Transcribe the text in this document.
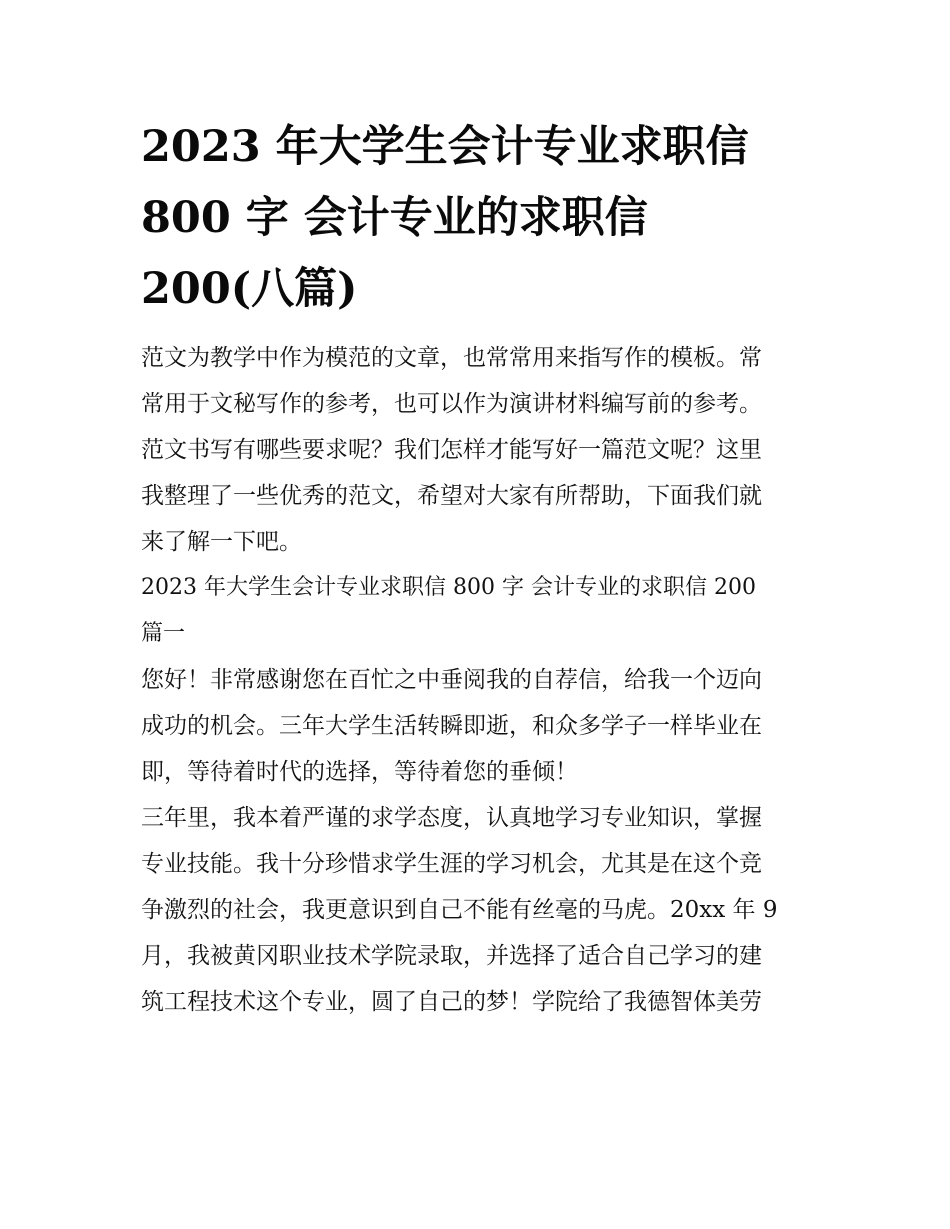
2023 年大学生会计专业求职信
800 字 会计专业的求职信
200(八篇)

范文为教学中作为模范的文章，也常常用来指写作的模板。常
常用于文秘写作的参考，也可以作为演讲材料编写前的参考。
范文书写有哪些要求呢？我们怎样才能写好一篇范文呢？这里
我整理了一些优秀的范文，希望对大家有所帮助，下面我们就
来了解一下吧。

2023 年大学生会计专业求职信 800 字 会计专业的求职信 200
篇一

您好！非常感谢您在百忙之中垂阅我的自荐信，给我一个迈向
成功的机会。三年大学生活转瞬即逝，和众多学子一样毕业在
即，等待着时代的选择，等待着您的垂倾！

三年里，我本着严谨的求学态度，认真地学习专业知识，掌握
专业技能。我十分珍惜求学生涯的学习机会，尤其是在这个竞
争激烈的社会，我更意识到自己不能有丝毫的马虎。20xx 年 9
月，我被黄冈职业技术学院录取，并选择了适合自己学习的建
筑工程技术这个专业，圆了自己的梦！学院给了我德智体美劳
